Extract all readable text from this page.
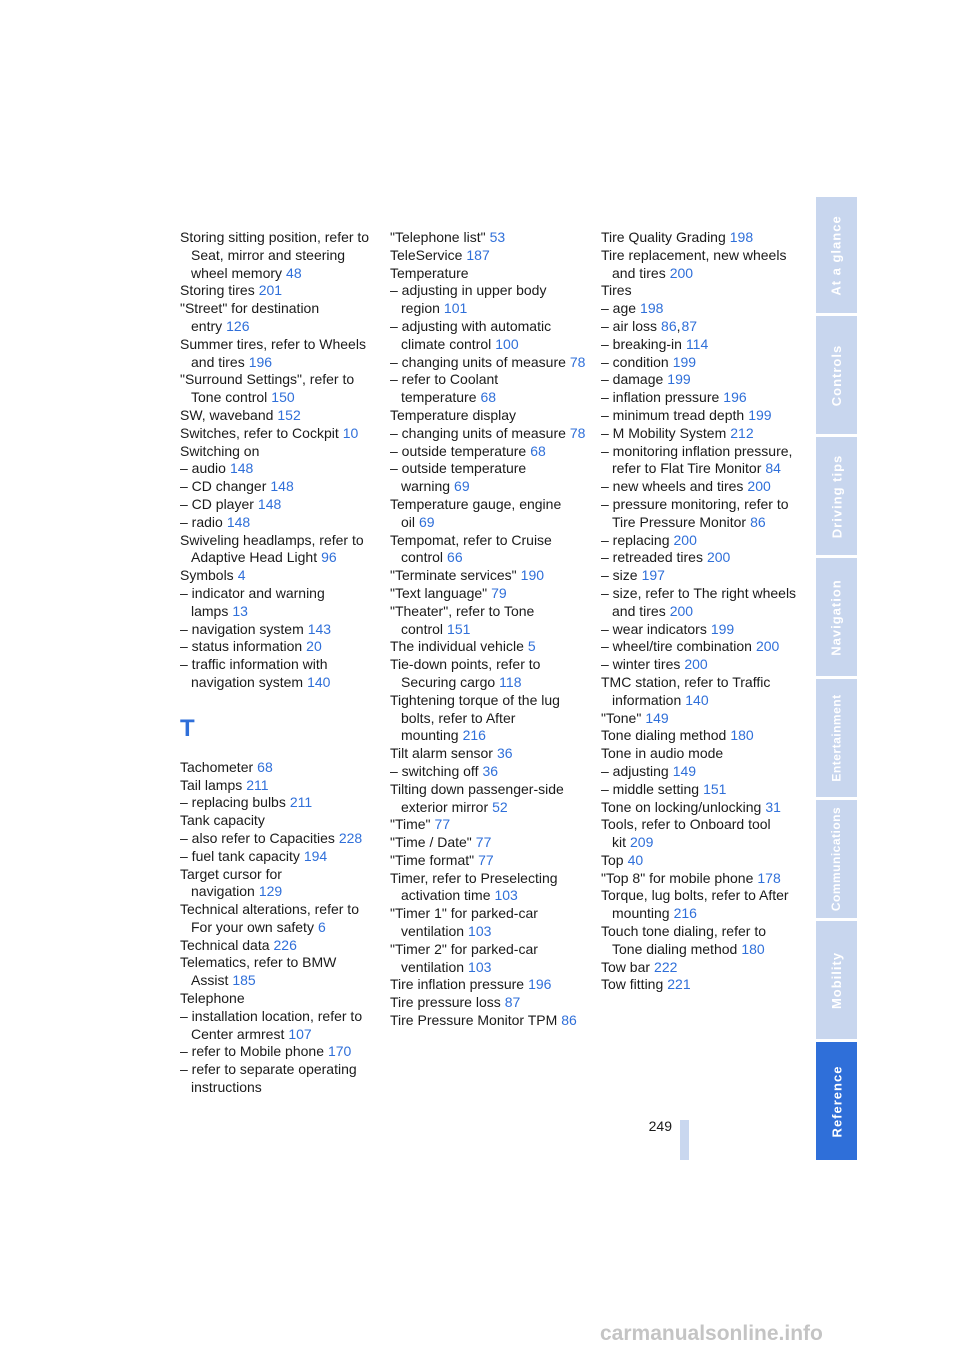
Storing sitting position, refer to Seat, mirror and steering wheel memory 48
Storing tires 201
"Street" for destination entry 126
Summer tires, refer to Wheels and tires 196
"Surround Settings", refer to Tone control 150
SW, waveband 152
Switches, refer to Cockpit 10
Switching on
– audio 148
– CD changer 148
– CD player 148
– radio 148
Swiveling headlamps, refer to Adaptive Head Light 96
Symbols 4
– indicator and warning lamps 13
– navigation system 143
– status information 20
– traffic information with navigation system 140
T
Tachometer 68
Tail lamps 211
– replacing bulbs 211
Tank capacity
– also refer to Capacities 228
– fuel tank capacity 194
Target cursor for navigation 129
Technical alterations, refer to For your own safety 6
Technical data 226
Telematics, refer to BMW Assist 185
Telephone
– installation location, refer to Center armrest 107
– refer to Mobile phone 170
– refer to separate operating instructions
"Telephone list" 53
TeleService 187
Temperature
– adjusting in upper body region 101
– adjusting with automatic climate control 100
– changing units of measure 78
– refer to Coolant temperature 68
Temperature display
– changing units of measure 78
– outside temperature 68
– outside temperature warning 69
Temperature gauge, engine oil 69
Tempomat, refer to Cruise control 66
"Terminate services" 190
"Text language" 79
"Theater", refer to Tone control 151
The individual vehicle 5
Tie-down points, refer to Securing cargo 118
Tightening torque of the lug bolts, refer to After mounting 216
Tilt alarm sensor 36
– switching off 36
Tilting down passenger-side exterior mirror 52
"Time" 77
"Time / Date" 77
"Time format" 77
Timer, refer to Preselecting activation time 103
"Timer 1" for parked-car ventilation 103
"Timer 2" for parked-car ventilation 103
Tire inflation pressure 196
Tire pressure loss 87
Tire Pressure Monitor TPM 86
Tire Quality Grading 198
Tire replacement, new wheels and tires 200
Tires
– age 198
– air loss 86,87
– breaking-in 114
– condition 199
– damage 199
– inflation pressure 196
– minimum tread depth 199
– M Mobility System 212
– monitoring inflation pressure, refer to Flat Tire Monitor 84
– new wheels and tires 200
– pressure monitoring, refer to Tire Pressure Monitor 86
– replacing 200
– retreaded tires 200
– size 197
– size, refer to The right wheels and tires 200
– wear indicators 199
– wheel/tire combination 200
– winter tires 200
TMC station, refer to Traffic information 140
"Tone" 149
Tone dialing method 180
Tone in audio mode
– adjusting 149
– middle setting 151
Tone on locking/unlocking 31
Tools, refer to Onboard tool kit 209
Top 40
"Top 8" for mobile phone 178
Torque, lug bolts, refer to After mounting 216
Touch tone dialing, refer to Tone dialing method 180
Tow bar 222
Tow fitting 221
249
At a glance
Controls
Driving tips
Navigation
Entertainment
Communications
Mobility
Reference
carmanualsonline.info
